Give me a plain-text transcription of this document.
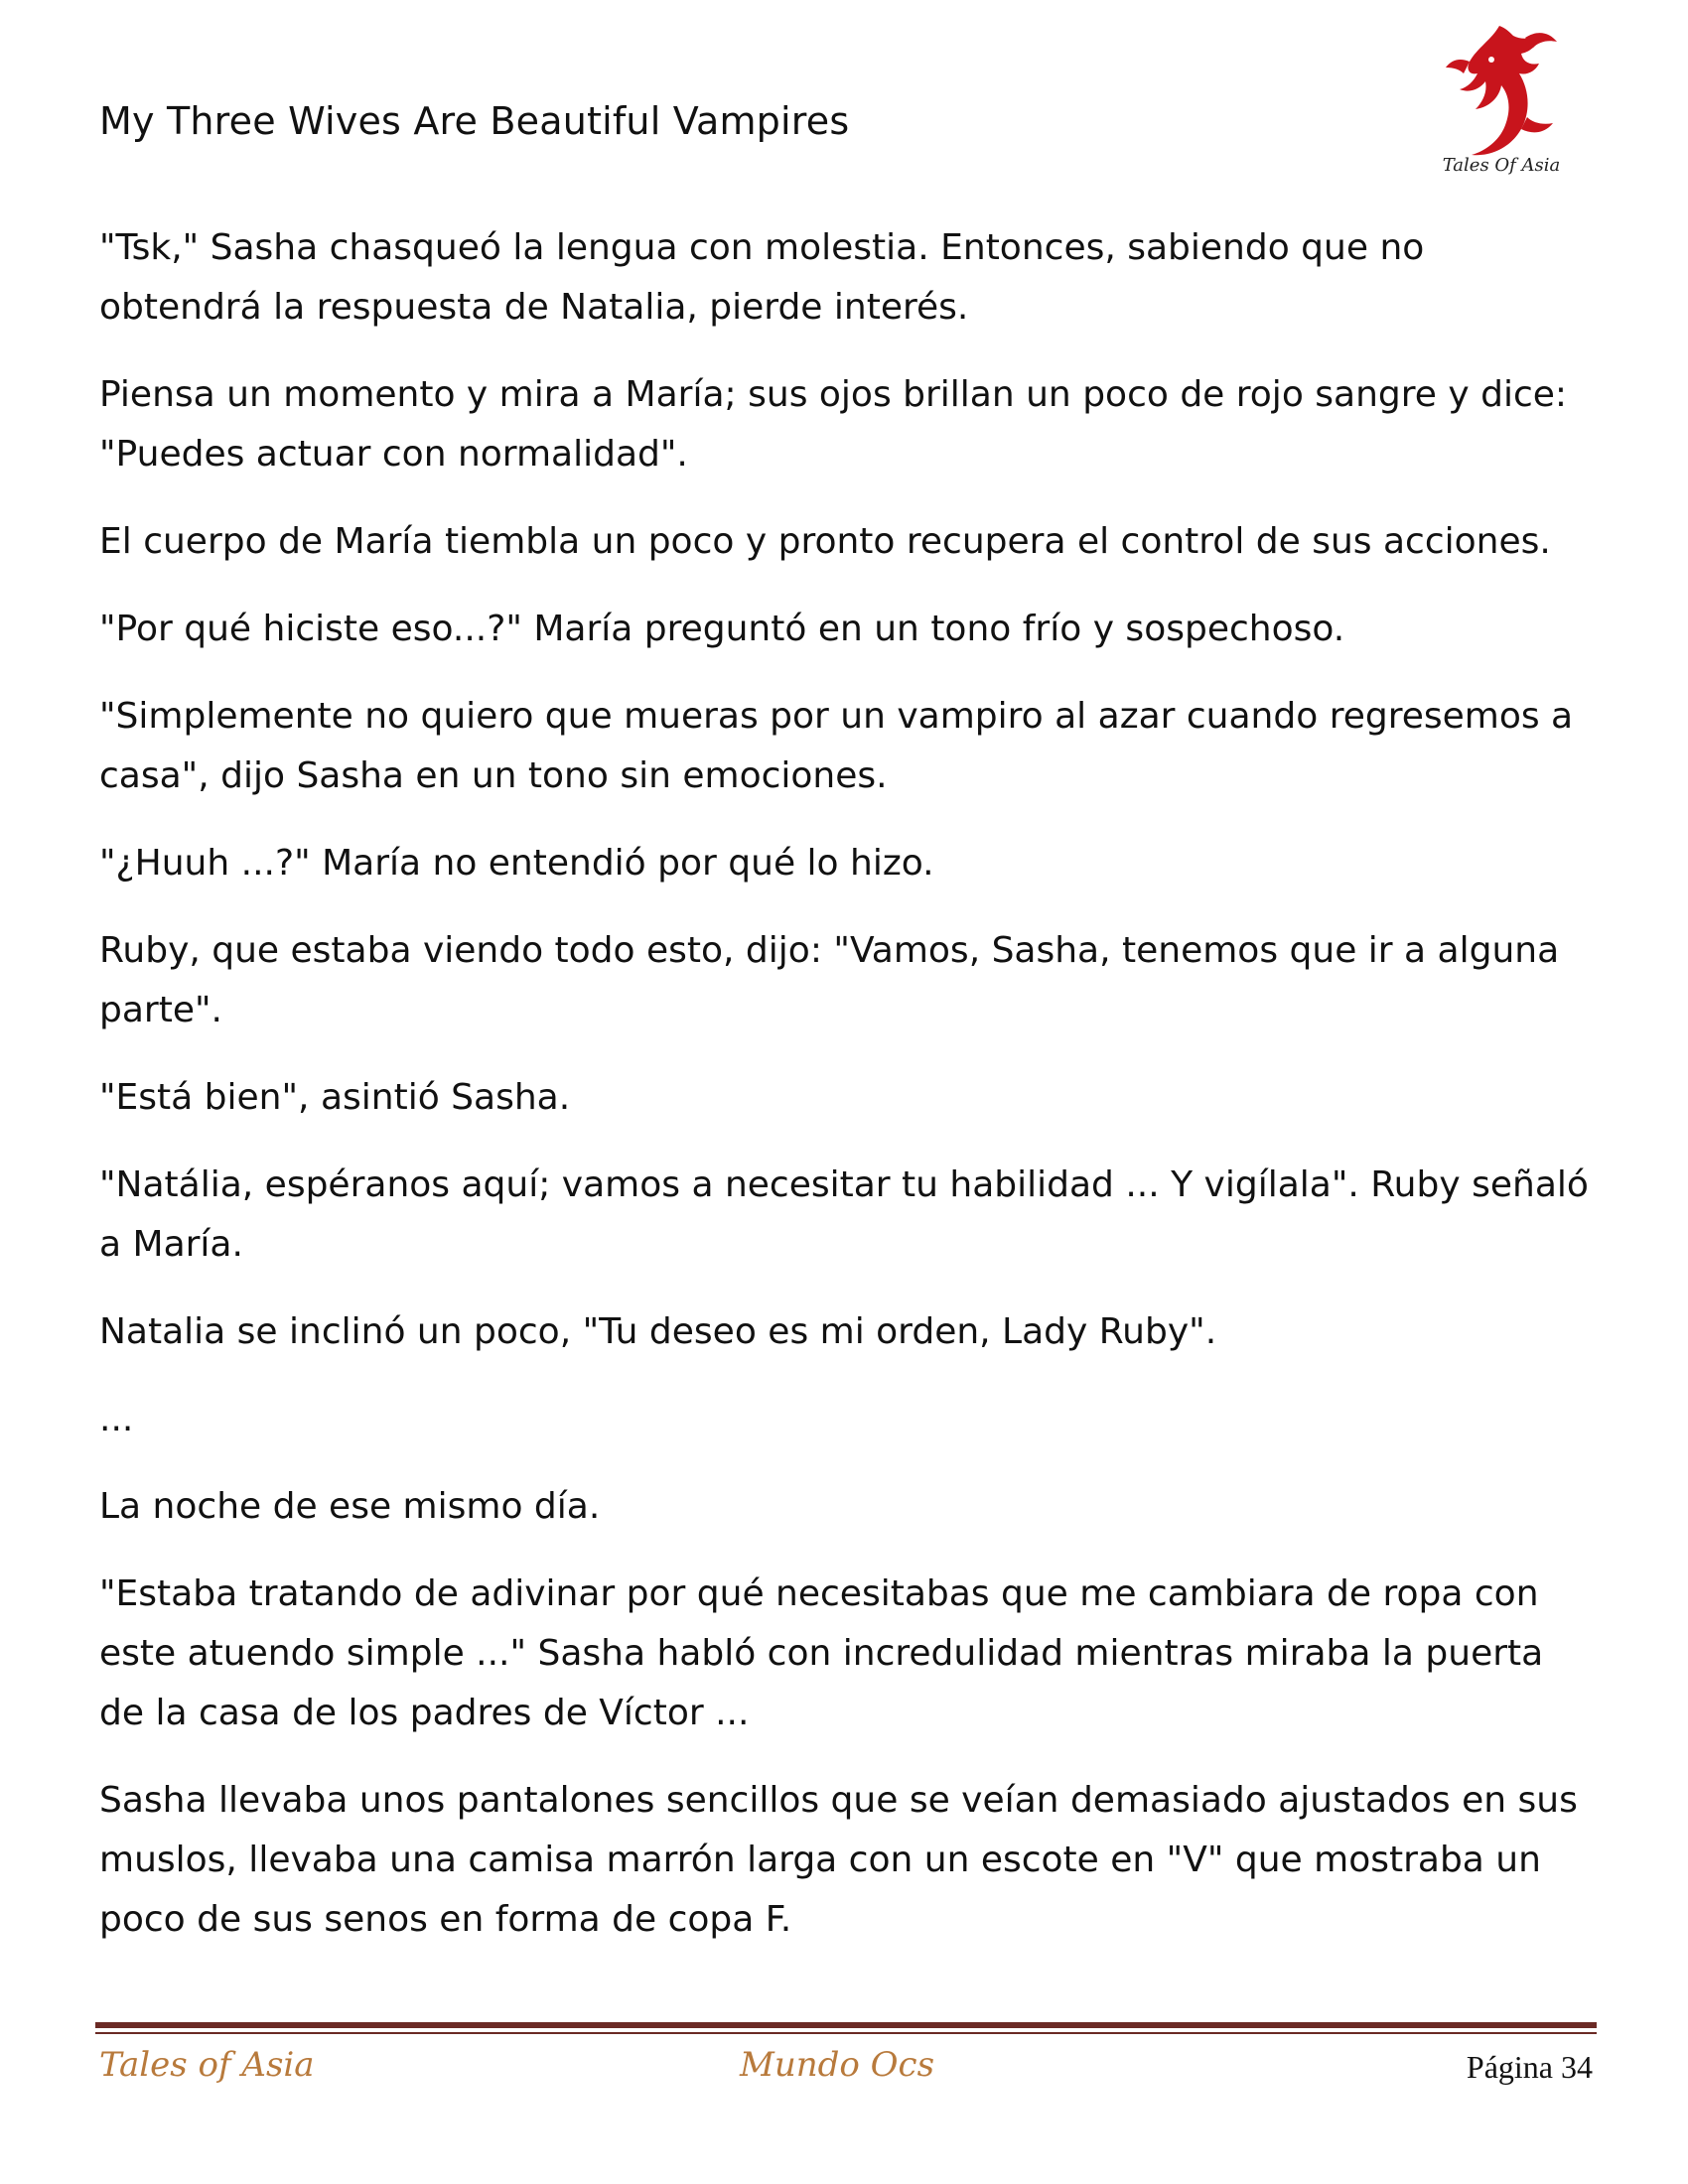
My Three Wives Are Beautiful Vampires
Tales Of Asia

"Tsk," Sasha chasqueó la lengua con molestia. Entonces, sabiendo que no obtendrá la respuesta de Natalia, pierde interés.

Piensa un momento y mira a María; sus ojos brillan un poco de rojo sangre y dice: "Puedes actuar con normalidad".

El cuerpo de María tiembla un poco y pronto recupera el control de sus acciones.

"Por qué hiciste eso...?" María preguntó en un tono frío y sospechoso.

"Simplemente no quiero que mueras por un vampiro al azar cuando regresemos a casa", dijo Sasha en un tono sin emociones.

"¿Huuh ...?" María no entendió por qué lo hizo.

Ruby, que estaba viendo todo esto, dijo: "Vamos, Sasha, tenemos que ir a alguna parte".

"Está bien", asintió Sasha.

"Natália, espéranos aquí; vamos a necesitar tu habilidad ... Y vigílala". Ruby señaló a María.

Natalia se inclinó un poco, "Tu deseo es mi orden, Lady Ruby".

...

La noche de ese mismo día.

"Estaba tratando de adivinar por qué necesitabas que me cambiara de ropa con este atuendo simple ..." Sasha habló con incredulidad mientras miraba la puerta de la casa de los padres de Víctor ...

Sasha llevaba unos pantalones sencillos que se veían demasiado ajustados en sus muslos, llevaba una camisa marrón larga con un escote en "V" que mostraba un poco de sus senos en forma de copa F.

Tales of Asia	Mundo Ocs	Página 34
